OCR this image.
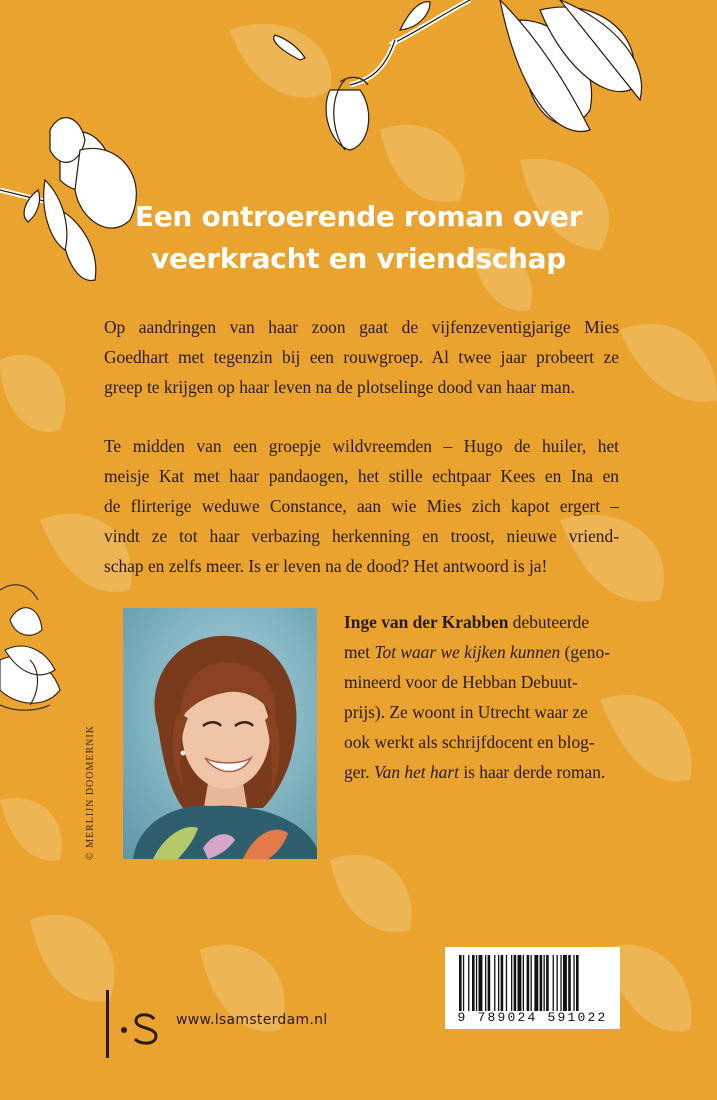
Een ontroerende roman over
veerkracht en vriendschap
Op aandringen van haar zoon gaat de vijfenzeventigjarige Mies
Goedhart met tegenzin bij een rouwgroep. Al twee jaar probeert ze
greep te krijgen op haar leven na de plotselinge dood van haar man.
Te midden van een groepje wildvreemden – Hugo de huiler, het
meisje Kat met haar pandaogen, het stille echtpaar Kees en Ina en
de flirterige weduwe Constance, aan wie Mies zich kapot ergert –
vindt ze tot haar verbazing herkenning en troost, nieuwe vriend-
schap en zelfs meer. Is er leven na de dood? Het antwoord is ja!
© MERLIJN DOOMERNIK
Inge van der Krabben debuteerde
met Tot waar we kijken kunnen (geno-
mineerd voor de Hebban Debuut-
prijs). Ze woont in Utrecht waar ze
ook werkt als schrijfdocent en blog-
ger. Van het hart is haar derde roman.
www.lsamsterdam.nl	9 789024 591022
